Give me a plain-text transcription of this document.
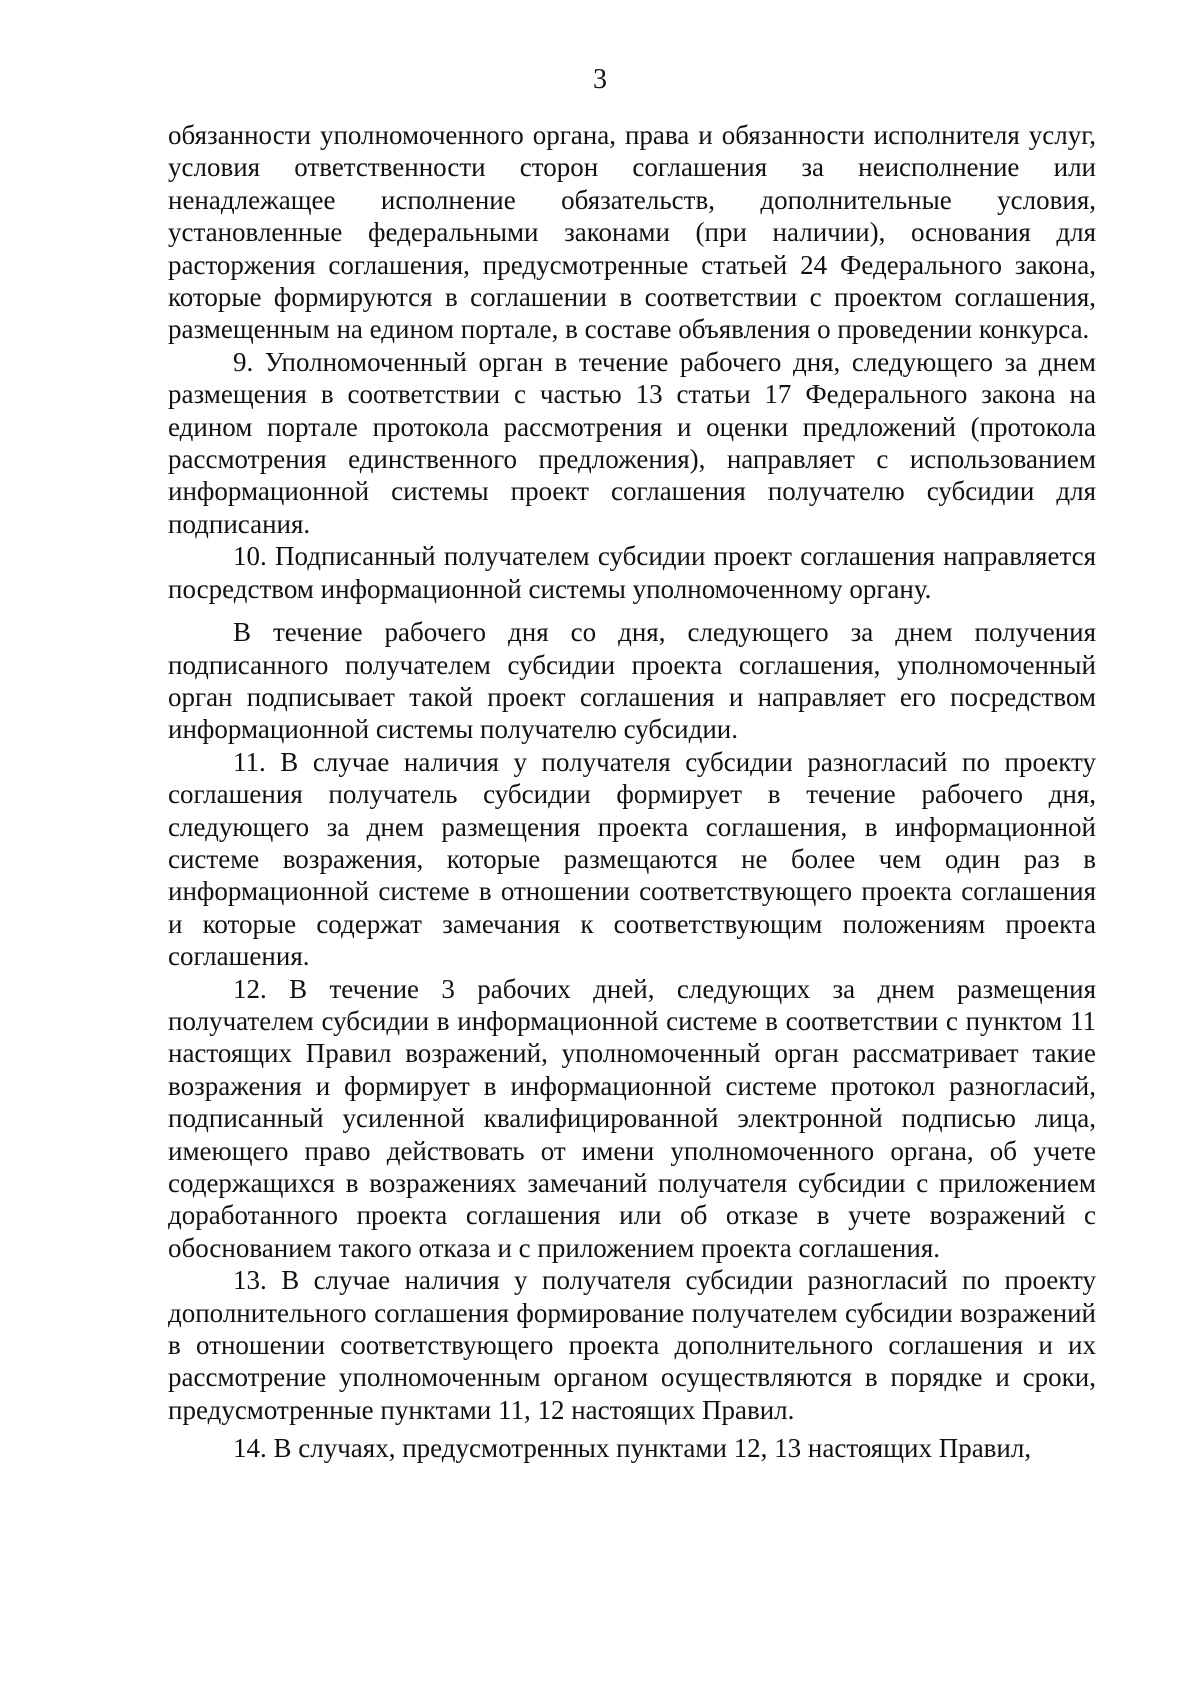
3

обязанности уполномоченного органа, права и обязанности исполнителя услуг, условия ответственности сторон соглашения за неисполнение или ненадлежащее исполнение обязательств, дополнительные условия, установленные федеральными законами (при наличии), основания для расторжения соглашения, предусмотренные статьей 24 Федерального закона, которые формируются в соглашении в соответствии с проектом соглашения, размещенным на едином портале, в составе объявления о проведении конкурса.

9. Уполномоченный орган в течение рабочего дня, следующего за днем размещения в соответствии с частью 13 статьи 17 Федерального закона на едином портале протокола рассмотрения и оценки предложений (протокола рассмотрения единственного предложения), направляет с использованием информационной системы проект соглашения получателю субсидии для подписания.

10. Подписанный получателем субсидии проект соглашения направляется посредством информационной системы уполномоченному органу.

В течение рабочего дня со дня, следующего за днем получения подписанного получателем субсидии проекта соглашения, уполномоченный орган подписывает такой проект соглашения и направляет его посредством информационной системы получателю субсидии.

11. В случае наличия у получателя субсидии разногласий по проекту соглашения получатель субсидии формирует в течение рабочего дня, следующего за днем размещения проекта соглашения, в информационной системе возражения, которые размещаются не более чем один раз в информационной системе в отношении соответствующего проекта соглашения и которые содержат замечания к соответствующим положениям проекта соглашения.

12. В течение 3 рабочих дней, следующих за днем размещения получателем субсидии в информационной системе в соответствии с пунктом 11 настоящих Правил возражений, уполномоченный орган рассматривает такие возражения и формирует в информационной системе протокол разногласий, подписанный усиленной квалифицированной электронной подписью лица, имеющего право действовать от имени уполномоченного органа, об учете содержащихся в возражениях замечаний получателя субсидии с приложением доработанного проекта соглашения или об отказе в учете возражений с обоснованием такого отказа и с приложением проекта соглашения.

13. В случае наличия у получателя субсидии разногласий по проекту дополнительного соглашения формирование получателем субсидии возражений в отношении соответствующего проекта дополнительного соглашения и их рассмотрение уполномоченным органом осуществляются в порядке и сроки, предусмотренные пунктами 11, 12 настоящих Правил.

14. В случаях, предусмотренных пунктами 12, 13 настоящих Правил,
